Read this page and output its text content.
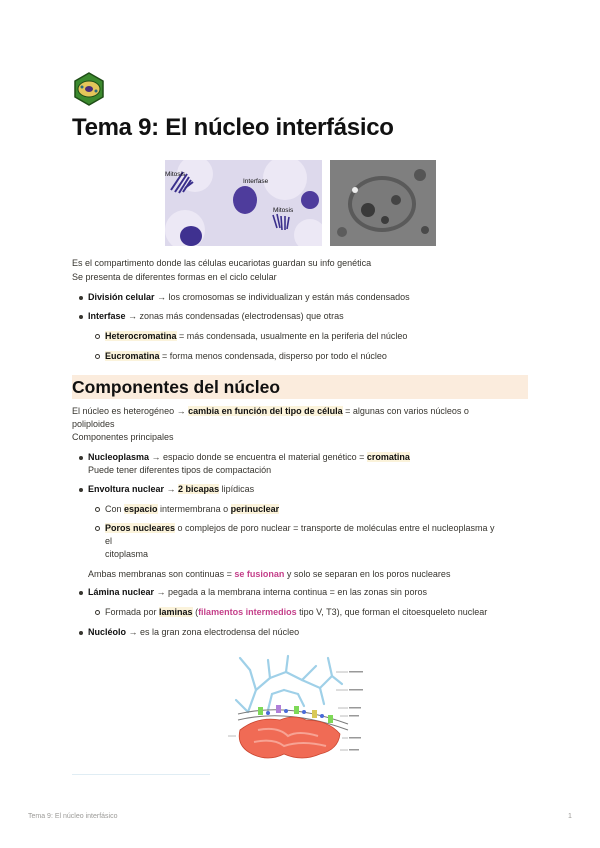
Tema 9: El núcleo interfásico
Mitosis
Interfase
Mitosis
Es el compartimento donde las células eucariotas guardan su info genética
Se presenta de diferentes formas en el ciclo celular
División celular → los cromosomas se individualizan y están más condensados
Interfase → zonas más condensadas (electrodensas) que otras
Heterocromatina = más condensada, usualmente en la periferia del núcleo
Eucromatina = forma menos condensada, disperso por todo el núcleo
Componentes del núcleo
El núcleo es heterogéneo → cambia en función del tipo de célula = algunas con varios núcleos o
poliploides
Componentes principales
Nucleoplasma → espacio donde se encuentra el material genético = cromatina
Puede tener diferentes tipos de compactación
Envoltura nuclear → 2 bicapas lipídicas
Con espacio intermembrana o perinuclear
Poros nucleares o complejos de poro nuclear = transporte de moléculas entre el nucleoplasma y
el
citoplasma
Ambas membranas son continuas = se fusionan y solo se separan en los poros nucleares
Lámina nuclear → pegada a la membrana interna continua = en las zonas sin poros
Formada por laminas (filamentos intermedios tipo V, T3), que forman el citoesqueleto nuclear
Nucléolo → es la gran zona electrodensa del núcleo
Tema 9: El núcleo interfásico	1
